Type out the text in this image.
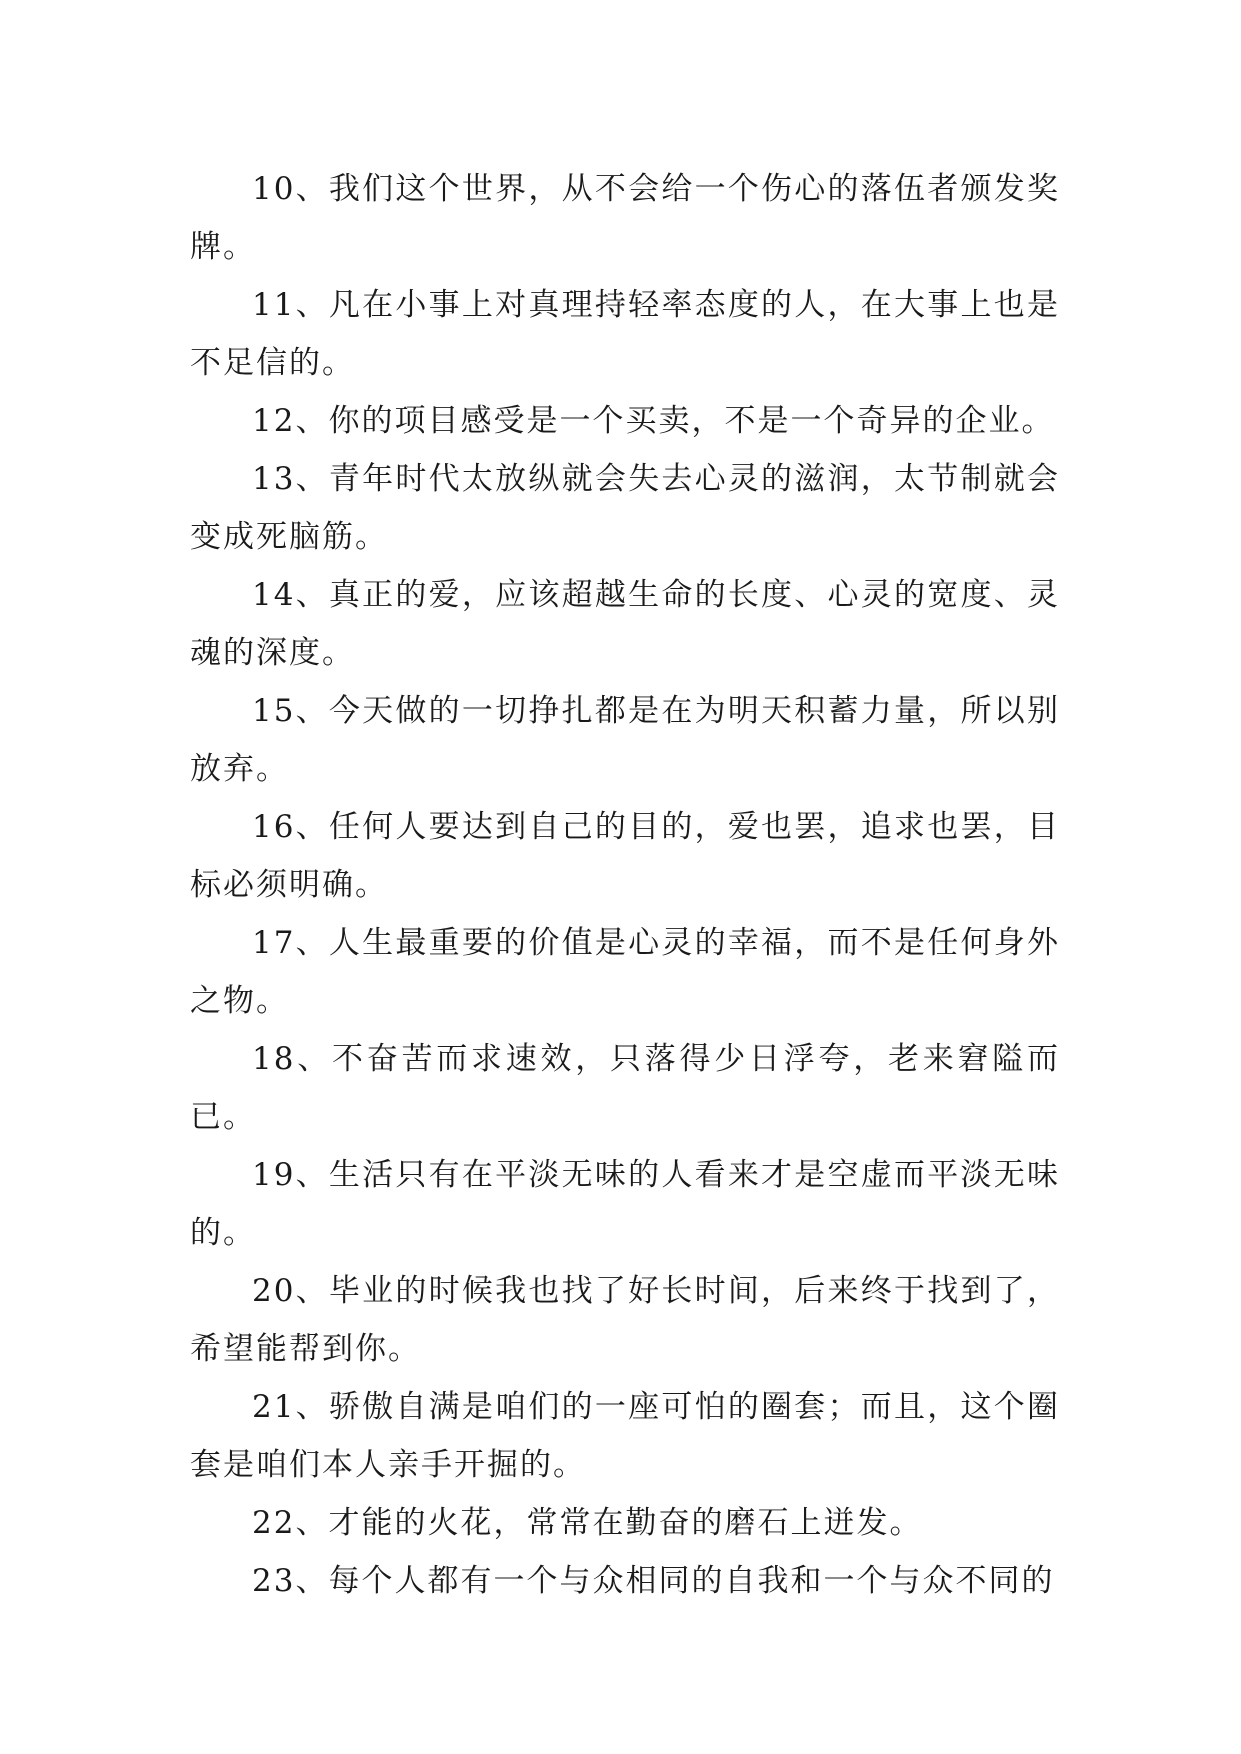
10、我们这个世界，从不会给一个伤心的落伍者颁发奖牌。

11、凡在小事上对真理持轻率态度的人，在大事上也是不足信的。

12、你的项目感受是一个买卖，不是一个奇异的企业。

13、青年时代太放纵就会失去心灵的滋润，太节制就会变成死脑筋。

14、真正的爱，应该超越生命的长度、心灵的宽度、灵魂的深度。

15、今天做的一切挣扎都是在为明天积蓄力量，所以别放弃。

16、任何人要达到自己的目的，爱也罢，追求也罢，目标必须明确。

17、人生最重要的价值是心灵的幸福，而不是任何身外之物。

18、不奋苦而求速效，只落得少日浮夸，老来窘隘而已。

19、生活只有在平淡无味的人看来才是空虚而平淡无味的。

20、毕业的时候我也找了好长时间，后来终于找到了，希望能帮到你。

21、骄傲自满是咱们的一座可怕的圈套；而且，这个圈套是咱们本人亲手开掘的。

22、才能的火花，常常在勤奋的磨石上迸发。

23、每个人都有一个与众相同的自我和一个与众不同的
